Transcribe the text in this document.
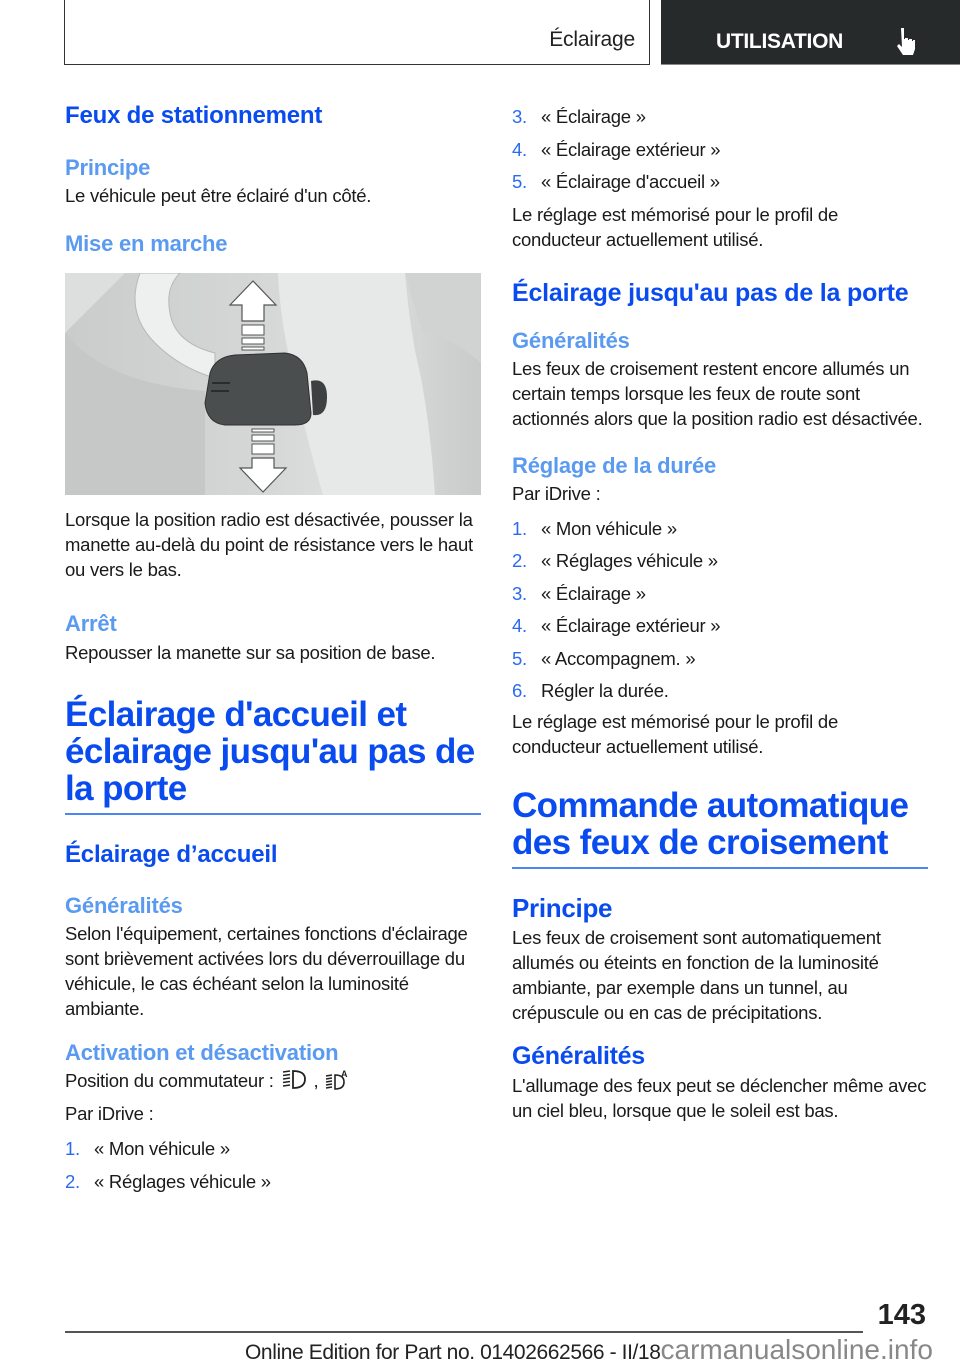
Éclairage	UTILISATION
Feux de stationnement
Principe
Le véhicule peut être éclairé d'un côté.
Mise en marche
Lorsque la position radio est désactivée, pousser la manette au-delà du point de résistance vers le haut ou vers le bas.
Arrêt
Repousser la manette sur sa position de base.
Éclairage d'accueil et éclairage jusqu'au pas de la porte
Éclairage d’accueil
Généralités
Selon l'équipement, certaines fonctions d'éclairage sont brièvement activées lors du déverrouillage du véhicule, le cas échéant selon la luminosité ambiante.
Activation et désactivation
Position du commutateur : ,	A
Par iDrive :
1. « Mon véhicule »
2. « Réglages véhicule »
3. « Éclairage »
4. « Éclairage extérieur »
5. « Éclairage d'accueil »
Le réglage est mémorisé pour le profil de conducteur actuellement utilisé.
Éclairage jusqu'au pas de la porte
Généralités
Les feux de croisement restent encore allumés un certain temps lorsque les feux de route sont actionnés alors que la position radio est désactivée.
Réglage de la durée
Par iDrive :
1. « Mon véhicule »
2. « Réglages véhicule »
3. « Éclairage »
4. « Éclairage extérieur »
5. « Accompagnem. »
6. Régler la durée.
Le réglage est mémorisé pour le profil de conducteur actuellement utilisé.
Commande automatique des feux de croisement
Principe
Les feux de croisement sont automatiquement allumés ou éteints en fonction de la luminosité ambiante, par exemple dans un tunnel, au crépuscule ou en cas de précipitations.
Généralités
L'allumage des feux peut se déclencher même avec un ciel bleu, lorsque que le soleil est bas.
143
Online Edition for Part no. 01402662566 - II/18carmanualsonline.info
